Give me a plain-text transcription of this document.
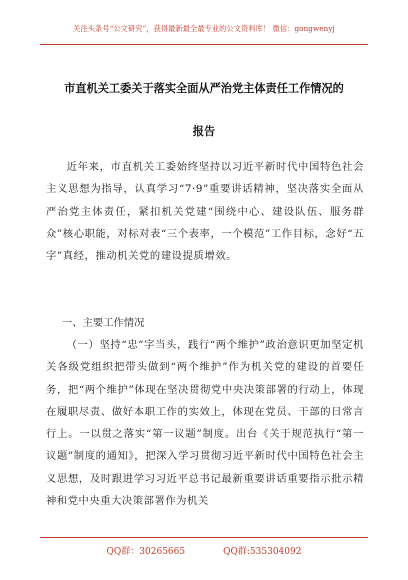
关注头条号“公文研究”，获得最新最全最专业的公文资料库！ 微信：gongwenyj
市直机关工委关于落实全面从严治党主体责任工作情况的
报告
近年来，市直机关工委始终坚持以习近平新时代中国特色社会主义思想为指导，认真学习“7·9”重要讲话精神，坚决落实全面从严治党主体责任，紧扣机关党建“围绕中心、建设队伍、服务群众”核心职能，对标对表“三个表率，一个模范”工作目标，念好“五字”真经，推动机关党的建设提质增效。
一、主要工作情况
（一）坚持“忠”字当头，践行“两个维护”政治意识更加坚定机关各级党组织把带头做到“两个维护”作为机关党的建设的首要任务，把“两个维护”体现在坚决贯彻党中央决策部署的行动上，体现在履职尽责、做好本职工作的实效上，体现在党员、干部的日常言行上。一以贯之落实“第一议题”制度。出台《关于规范执行“第一议题”制度的通知》，把深入学习贯彻习近平新时代中国特色社会主义思想，及时跟进学习习近平总书记最新重要讲话重要指示批示精神和党中央重大决策部署作为机关
QQ群：30265665	QQ群:535304092
